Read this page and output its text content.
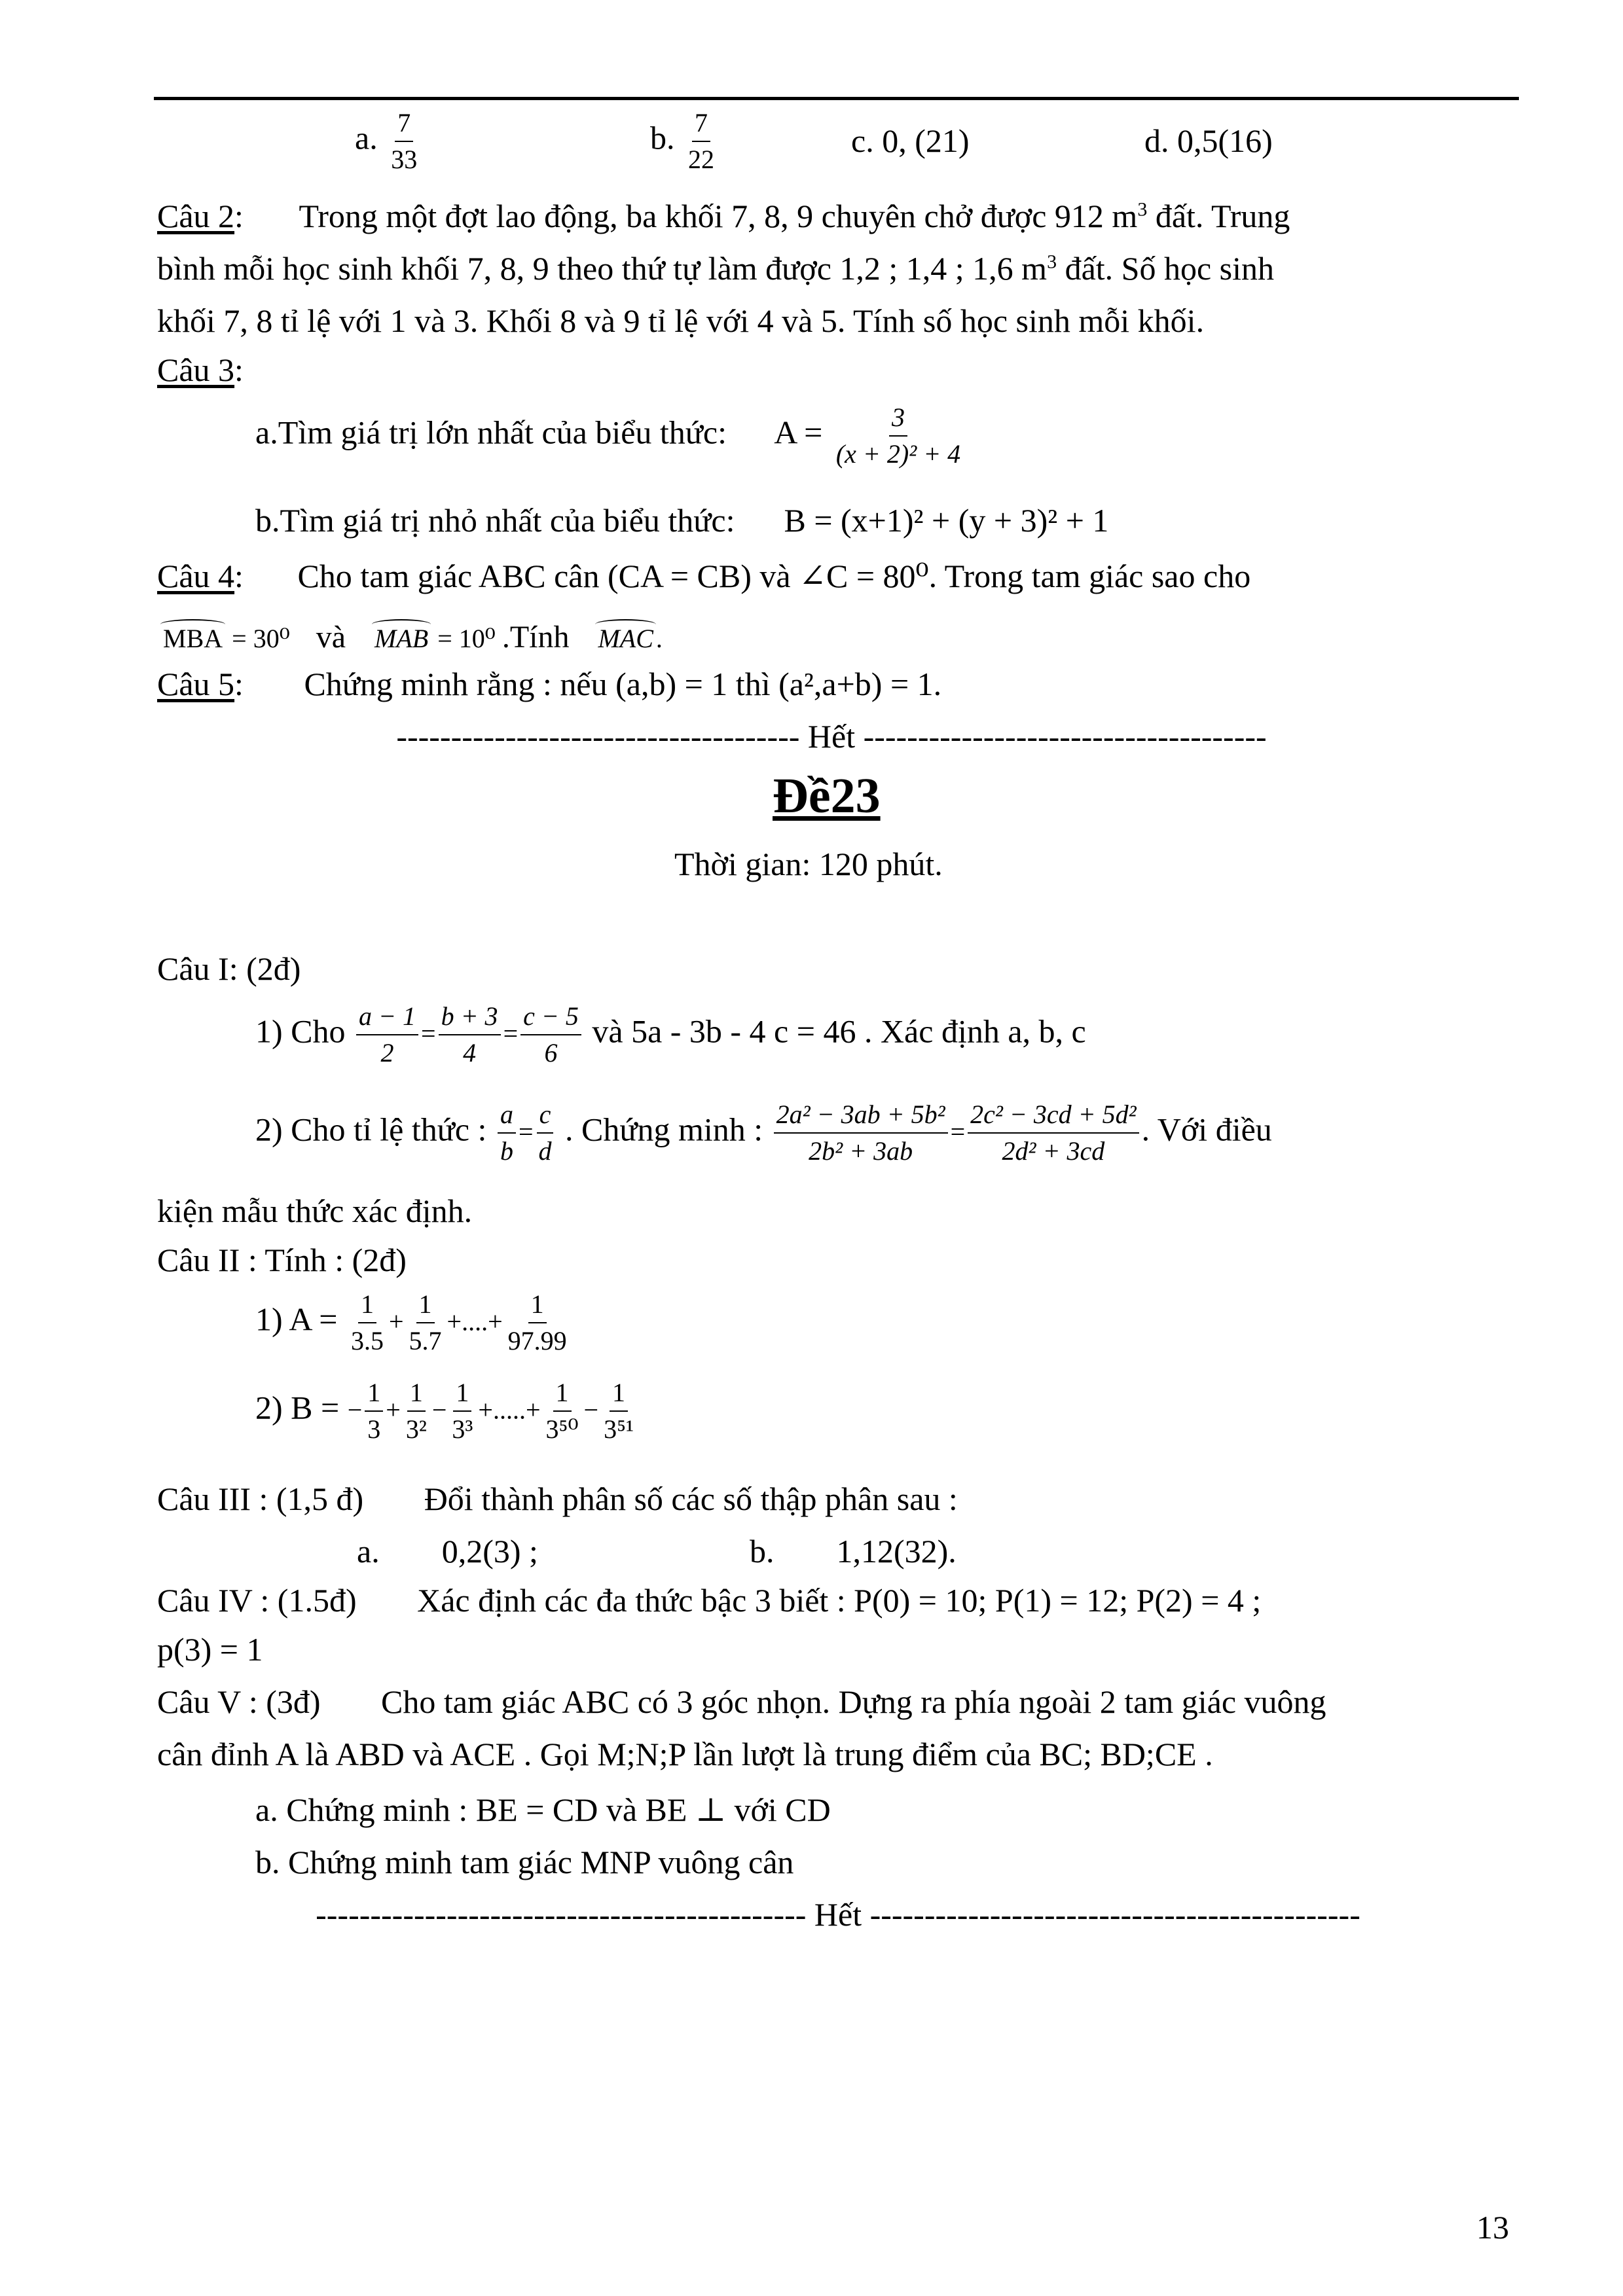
a. $\frac{7}{33}$	b. $\frac{7}{22}$	c. 0, (21)	d. 0,5(16)
Câu 2: Trong một đợt lao động, ba khối 7, 8, 9 chuyên chở được 912 $m^3$ đất. Trung
bình mỗi học sinh khối 7, 8, 9 theo thứ tự làm được 1,2 ; 1,4 ; 1,6 $m^3$ đất. Số học sinh
khối 7, 8 tỉ lệ với 1 và 3. Khối 8 và 9 tỉ lệ với 4 và 5. Tính số học sinh mỗi khối.
Câu 3:
a.Tìm giá trị lớn nhất của biểu thức: $A = \frac{3}{\text{(x + 2)² + 4}}$
b.Tìm giá trị nhỏ nhất của biểu thức: B = (x+1)² + (y + 3)² + 1
Câu 4: Cho tam giác ABC cân (CA = CB) và ∠C = 80⁰. Trong tam giác sao cho
MBA = 30⁰ và MAB = 10⁰ .Tính MAC .
Câu 5: Chứng minh rằng : nếu (a,b) = 1 thì (a²,a+b) = 1.
------------------------------------- Hết -------------------------------------
Đề23
Thời gian: 120 phút.
Câu I: (2đ)
1) Cho $\frac{a - 1}{2} = \frac{b + 3}{4} = \frac{c - 5}{6}$ và 5a - 3b - 4 c = 46 . Xác định a, b, c
2) Cho tỉ lệ thức : $\frac{a}{b} = \frac{c}{d}$ . Chứng minh : $\frac{\text{2a² − 3ab + 5b²}}{\text{2b² + 3ab}} = \frac{\text{2c² − 3cd + 5d²}}{\text{2d² + 3cd}}$ . Với điều
kiện mẫu thức xác định.
Câu II : Tính : (2đ)
1) $A = \frac{1}{3.5} + \frac{1}{5.7}$ +....+ $\frac{1}{97.99}$
2) B = − $\frac{1}{3} + \frac{1}{\text{3²}} - \frac{1}{\text{3³}}$ +.....+ $\frac{1}{\text{3⁵⁰}} - \frac{1}{\text{3⁵¹}}$
Câu III : (1,5 đ) Đổi thành phân số các số thập phân sau :
a. 0,2(3) ;	b. 1,12(32).
Câu IV : (1.5đ) Xác định các đa thức bậc 3 biết : P(0) = 10; P(1) = 12; P(2) = 4 ;
p(3) = 1
Câu V : (3đ) Cho tam giác ABC có 3 góc nhọn. Dựng ra phía ngoài 2 tam giác vuông
cân đỉnh A là ABD và ACE . Gọi M;N;P lần lượt là trung điểm của BC; BD;CE .
a. Chứng minh : BE = CD và BE ⊥ với CD
b. Chứng minh tam giác MNP vuông cân
--------------------------------------------- Hết ---------------------------------------------
13
